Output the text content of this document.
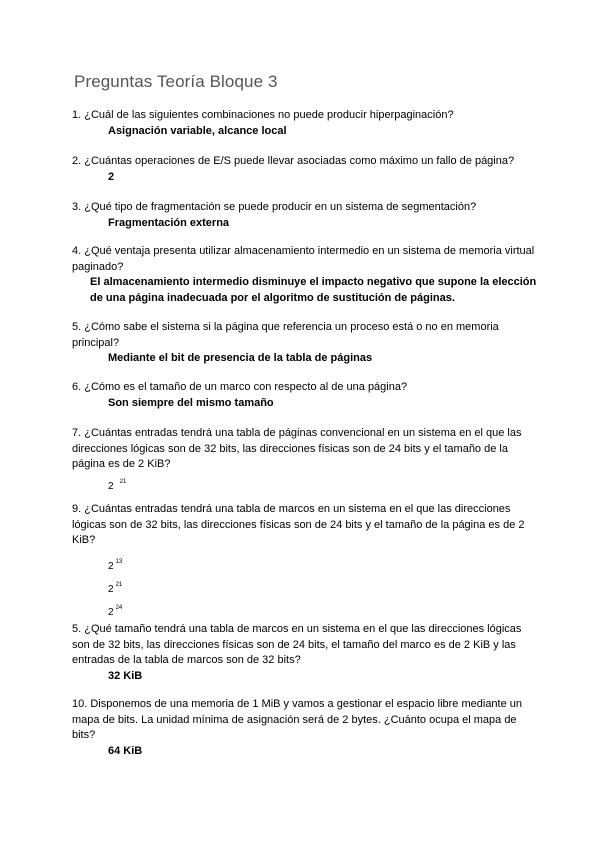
Preguntas Teoría Bloque 3
1. ¿Cuál de las siguientes combinaciones no puede producir hiperpaginación?
Asignación variable, alcance local
2. ¿Cuántas operaciones de E/S puede llevar asociadas como máximo un fallo de página?
2
3. ¿Qué tipo de fragmentación se puede producir en un sistema de segmentación?
Fragmentación externa
4. ¿Qué ventaja presenta utilizar almacenamiento intermedio en un sistema de memoria virtual paginado?
El almacenamiento intermedio disminuye el impacto negativo que supone la elección de una página inadecuada por el algoritmo de sustitución de páginas.
5. ¿Cómo sabe el sistema si la página que referencia un proceso está o no en memoria principal?
Mediante el bit de presencia de la tabla de páginas
6. ¿Cómo es el tamaño de un marco con respecto al de una página?
Son siempre del mismo tamaño
7. ¿Cuántas entradas tendrá una tabla de páginas convencional en un sistema en el que las direcciones lógicas son de 32 bits, las direcciones físicas son de 24 bits y el tamaño de la página es de 2 KiB?
2 $^{21}$
9. ¿Cuántas entradas tendrá una tabla de marcos en un sistema en el que las direcciones lógicas son de 32 bits, las direcciones físicas son de 24 bits y el tamaño de la página es de 2 KiB?
2 $^{13}$
2 $^{21}$
2 $^{24}$
5. ¿Qué tamaño tendrá una tabla de marcos en un sistema en el que las direcciones lógicas son de 32 bits, las direcciones físicas son de 24 bits, el tamaño del marco es de 2 KiB y las entradas de la tabla de marcos son de 32 bits?
32 KiB
10. Disponemos de una memoria de 1 MiB y vamos a gestionar el espacio libre mediante un mapa de bits. La unidad mínima de asignación será de 2 bytes. ¿Cuánto ocupa el mapa de bits?
64 KiB
